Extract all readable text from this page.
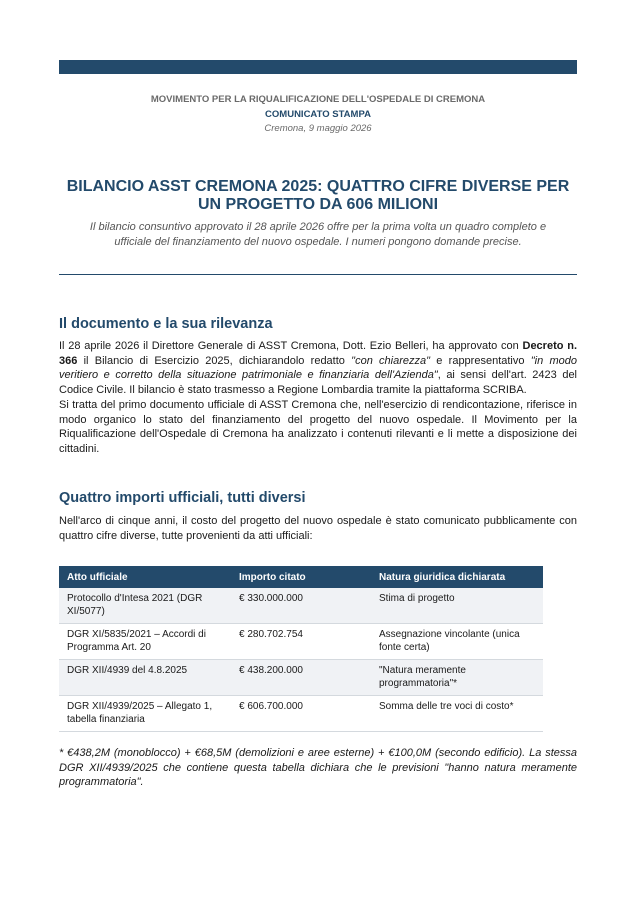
MOVIMENTO PER LA RIQUALIFICAZIONE DELL'OSPEDALE DI CREMONA
COMUNICATO STAMPA
Cremona, 9 maggio 2026
BILANCIO ASST CREMONA 2025: QUATTRO CIFRE DIVERSE PER
UN PROGETTO DA 606 MILIONI
Il bilancio consuntivo approvato il 28 aprile 2026 offre per la prima volta un quadro completo e
ufficiale del finanziamento del nuovo ospedale. I numeri pongono domande precise.
Il documento e la sua rilevanza

Il 28 aprile 2026 il Direttore Generale di ASST Cremona, Dott. Ezio Belleri, ha approvato con Decreto n. 366 il Bilancio di Esercizio 2025, dichiarandolo redatto "con chiarezza" e rappresentativo "in modo veritiero e corretto della situazione patrimoniale e finanziaria dell'Azienda", ai sensi dell'art. 2423 del Codice Civile. Il bilancio è stato trasmesso a Regione Lombardia tramite la piattaforma SCRIBA.

Si tratta del primo documento ufficiale di ASST Cremona che, nell'esercizio di rendicontazione, riferisce in modo organico lo stato del finanziamento del progetto del nuovo ospedale. Il Movimento per la Riqualificazione dell'Ospedale di Cremona ha analizzato i contenuti rilevanti e li mette a disposizione dei cittadini.

Quattro importi ufficiali, tutti diversi

Nell'arco di cinque anni, il costo del progetto del nuovo ospedale è stato comunicato pubblicamente con quattro cifre diverse, tutte provenienti da atti ufficiali:

Atto ufficiale	Importo citato	Natura giuridica dichiarata
Protocollo d'Intesa 2021 (DGR XI/5077)	€ 330.000.000	Stima di progetto
DGR XI/5835/2021 – Accordi di Programma Art. 20	€ 280.702.754	Assegnazione vincolante (unica fonte certa)
DGR XII/4939 del 4.8.2025	€ 438.200.000	"Natura meramente programmatoria"*
DGR XII/4939/2025 – Allegato 1, tabella finanziaria	€ 606.700.000	Somma delle tre voci di costo*

* €438,2M (monoblocco) + €68,5M (demolizioni e aree esterne) + €100,0M (secondo edificio). La stessa DGR XII/4939/2025 che contiene questa tabella dichiara che le previsioni "hanno natura meramente programmatoria".
